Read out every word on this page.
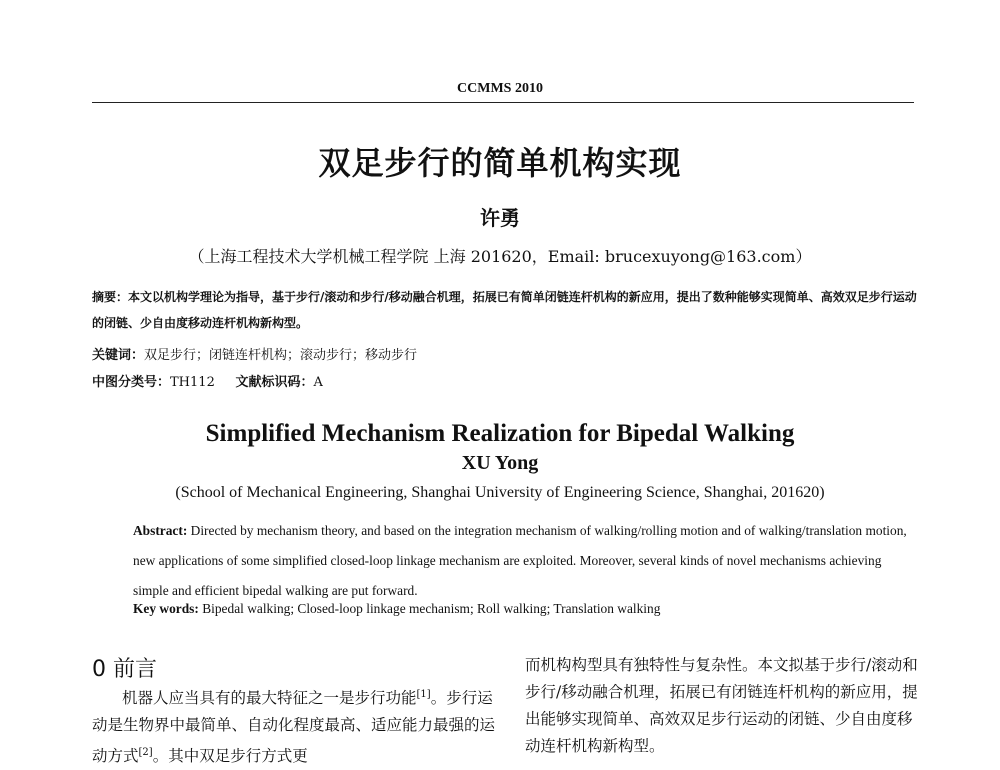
CCMMS 2010
双足步行的简单机构实现
许勇
（上海工程技术大学机械工程学院 上海 201620，Email: brucexuyong@163.com）
摘要：本文以机构学理论为指导，基于步行/滚动和步行/移动融合机理，拓展已有简单闭链连杆机构的新应用，提出了数种能够实现简单、高效双足步行运动的闭链、少自由度移动连杆机构新构型。
关键词：双足步行；闭链连杆机构；滚动步行；移动步行
中图分类号：TH112 文献标识码：A
Simplified Mechanism Realization for Bipedal Walking
XU Yong
(School of Mechanical Engineering, Shanghai University of Engineering Science, Shanghai, 201620)
Abstract: Directed by mechanism theory, and based on the integration mechanism of walking/rolling motion and of walking/translation motion, new applications of some simplified closed-loop linkage mechanism are exploited. Moreover, several kinds of novel mechanisms achieving simple and efficient bipedal walking are put forward.
Key words: Bipedal walking; Closed-loop linkage mechanism; Roll walking; Translation walking
0 前言
机器人应当具有的最大特征之一是步行功能[1]。步行运动是生物界中最简单、自动化程度最高、适应能力最强的运动方式[2]。其中双足步行方式更
而机构构型具有独特性与复杂性。本文拟基于步行/滚动和步行/移动融合机理，拓展已有闭链连杆机构的新应用，提出能够实现简单、高效双足步行运动的闭链、少自由度移动连杆机构新构型。
